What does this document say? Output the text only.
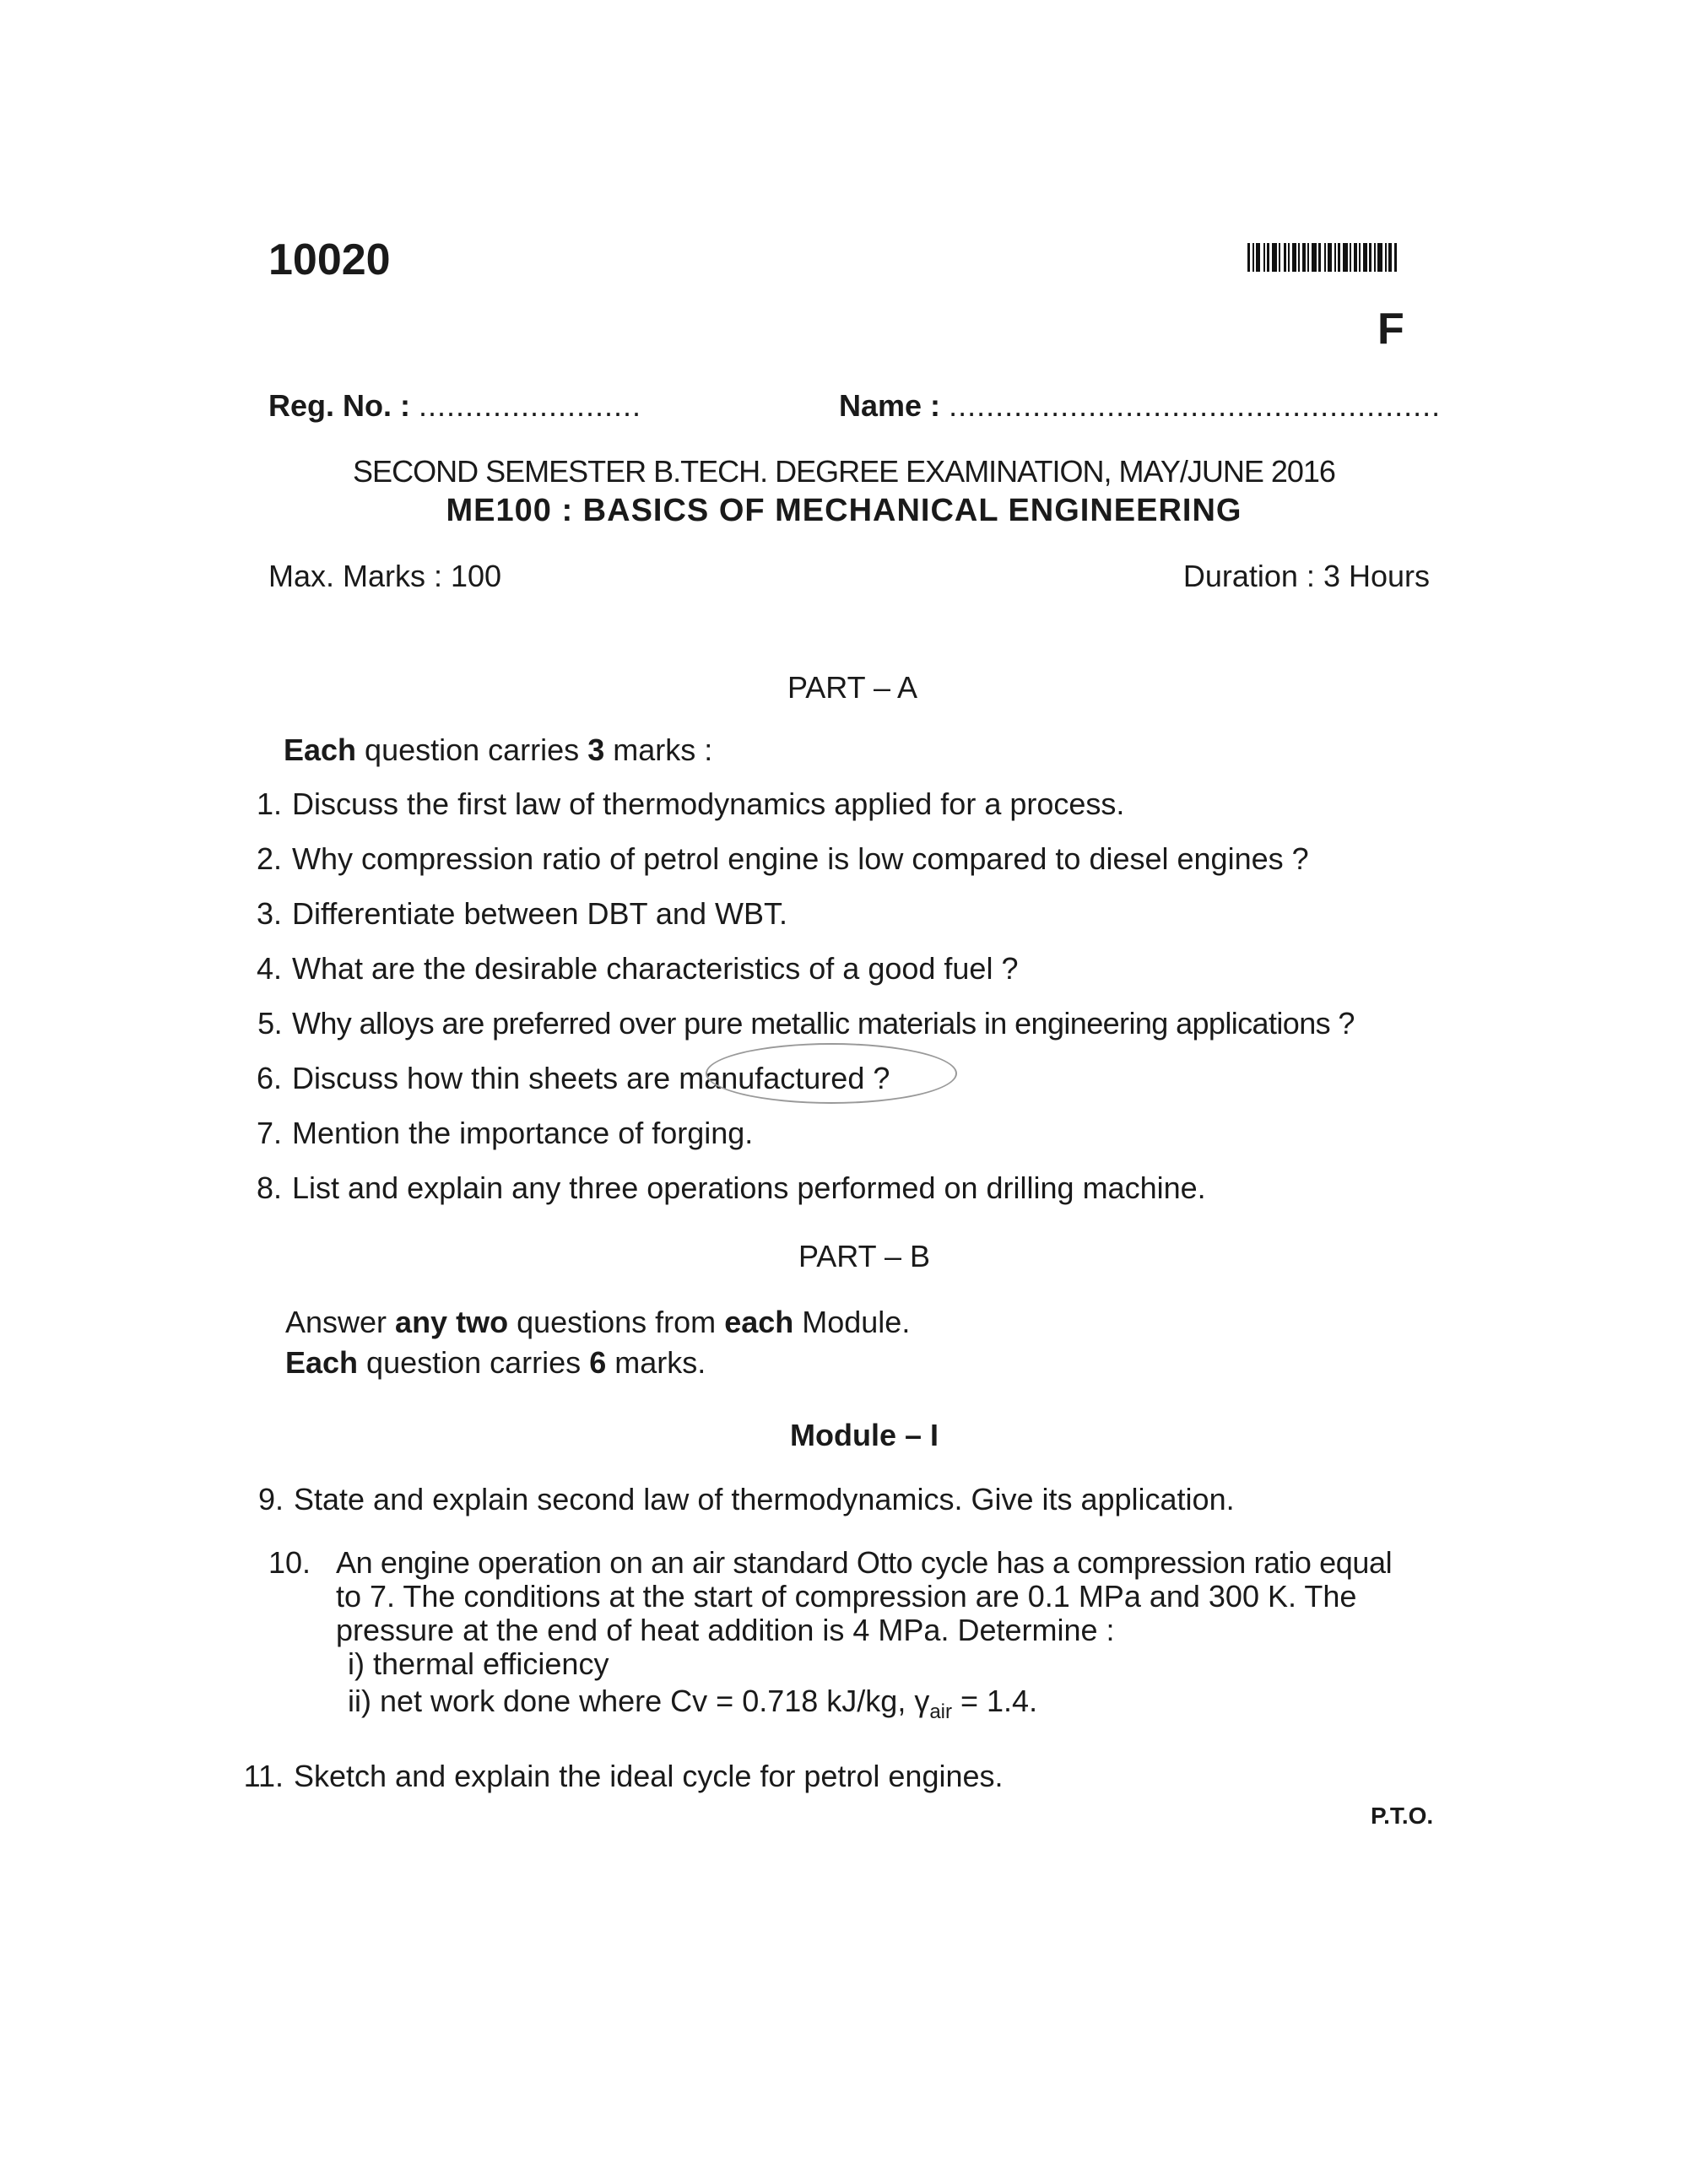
10020
F
Reg. No. : ........................	Name : .....................................................
SECOND SEMESTER B.TECH. DEGREE EXAMINATION, MAY/JUNE 2016
ME100 : BASICS OF MECHANICAL ENGINEERING
Max. Marks : 100	Duration : 3 Hours
PART – A
Each question carries 3 marks :
1. Discuss the first law of thermodynamics applied for a process.
2. Why compression ratio of petrol engine is low compared to diesel engines ?
3. Differentiate between DBT and WBT.
4. What are the desirable characteristics of a good fuel ?
5. Why alloys are preferred over pure metallic materials in engineering applications ?
6. Discuss how thin sheets are manufactured ?
7. Mention the importance of forging.
8. List and explain any three operations performed on drilling machine.
PART – B
Answer any two questions from each Module.
Each question carries 6 marks.
Module – I
9. State and explain second law of thermodynamics. Give its application.
10. An engine operation on an air standard Otto cycle has a compression ratio equal
to 7. The conditions at the start of compression are 0.1 MPa and 300 K. The
pressure at the end of heat addition is 4 MPa. Determine :
i) thermal efficiency
ii) net work done where Cv = 0.718 kJ/kg, $\gamma_{air} = 1.4$.
11. Sketch and explain the ideal cycle for petrol engines.
P.T.O.
